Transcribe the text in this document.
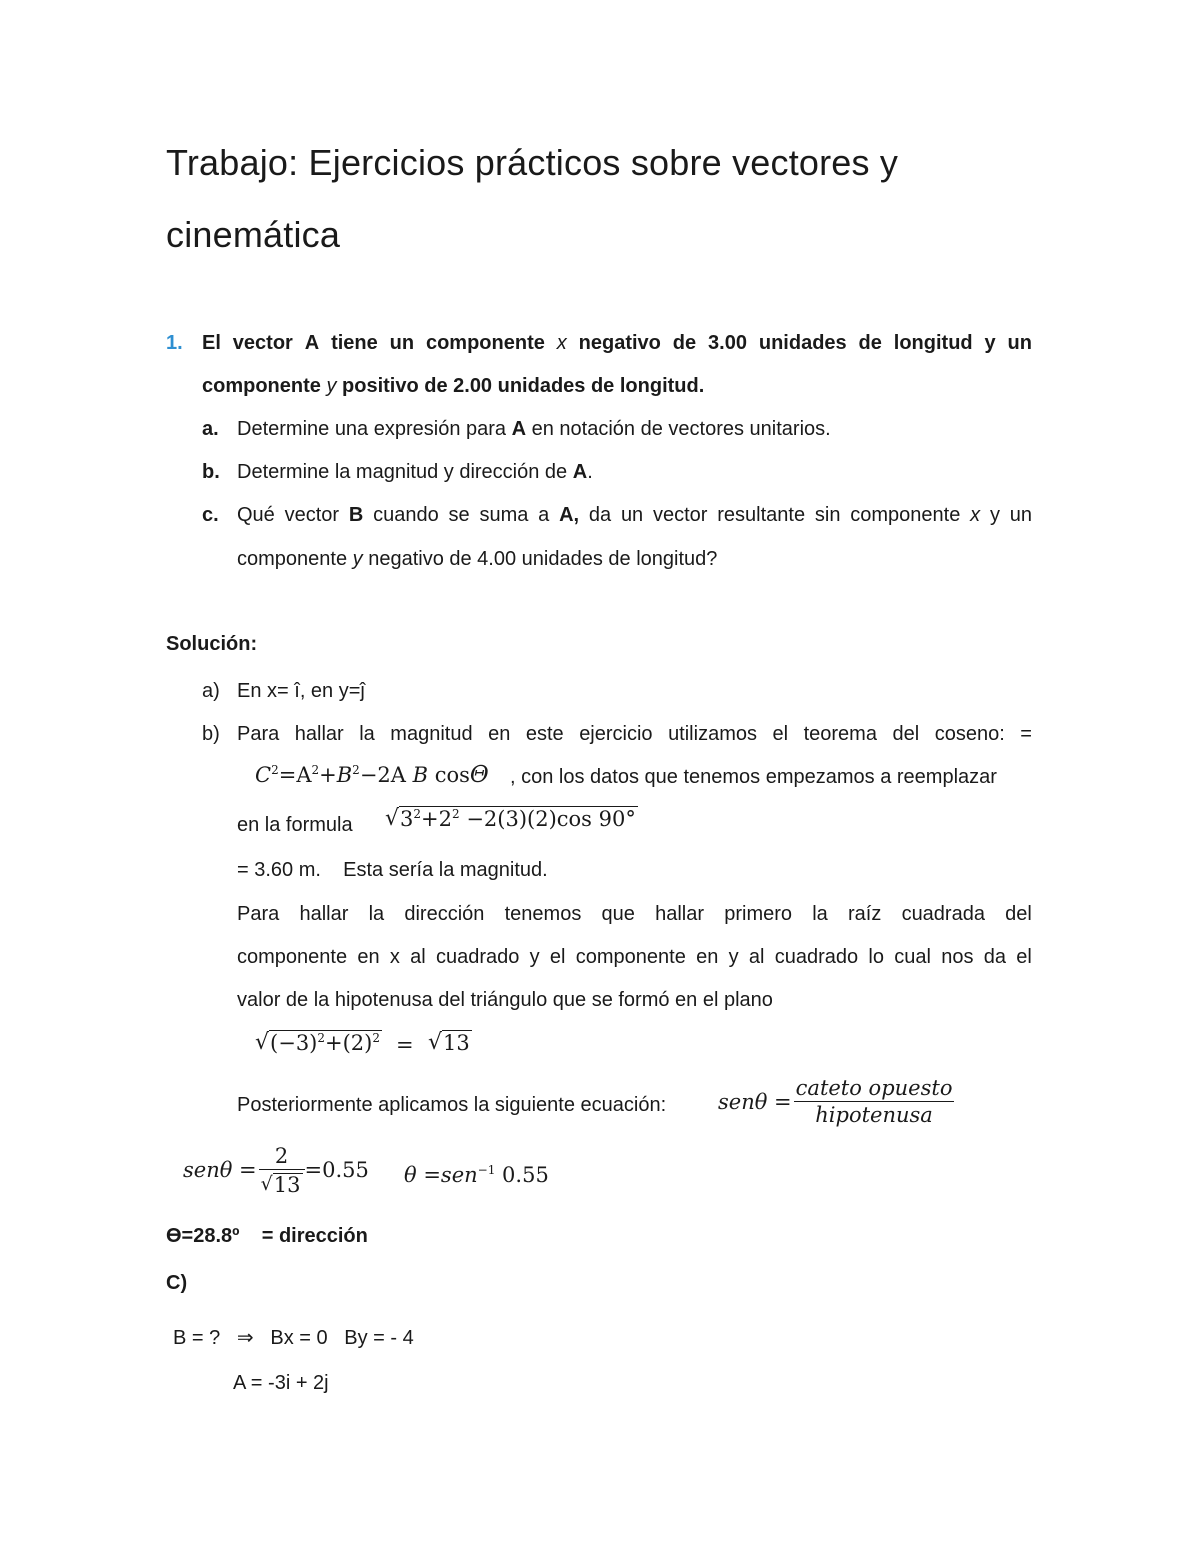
Trabajo: Ejercicios prácticos sobre vectores y
cinemática
1. El vector A tiene un componente x negativo de 3.00 unidades de longitud y un
componente y positivo de 2.00 unidades de longitud.
a. Determine una expresión para A en notación de vectores unitarios.
b. Determine la magnitud y dirección de A.
c. Qué vector B cuando se suma a A, da un vector resultante sin componente x y un
componente y negativo de 4.00 unidades de longitud?
Solución:
a) En x= î, en y=ĵ
b) Para hallar la magnitud en este ejercicio utilizamos el teorema del coseno: =
$C^2=A^2+B^2-2A$ B cosΘ , con los datos que tenemos empezamos a reemplazar
en la formula √ $3^2+2^2 -2(3)(2)\cos$ 90°
= 3.60 m.    Esta sería la magnitud.
Para hallar la dirección tenemos que hallar primero la raíz cuadrada del
componente en x al cuadrado y el componente en y al cuadrado lo cual nos da el
valor de la hipotenusa del triángulo que se formó en el plano
√ $(-3)^2+(2)^2$ = √ 13
Posteriormente aplicamos la siguiente ecuación: $sen\theta = \frac{\text{cateto opuesto}}{\text{hipotenusa}}$
$sen\theta = \frac{2}{√ 13} =0.55$ θ =sen$^{-1}$ 0.55
ϴ=28.8º = dirección
C)
B = ?   ⇒   Bx = 0   By = - 4
A = -3i + 2j
